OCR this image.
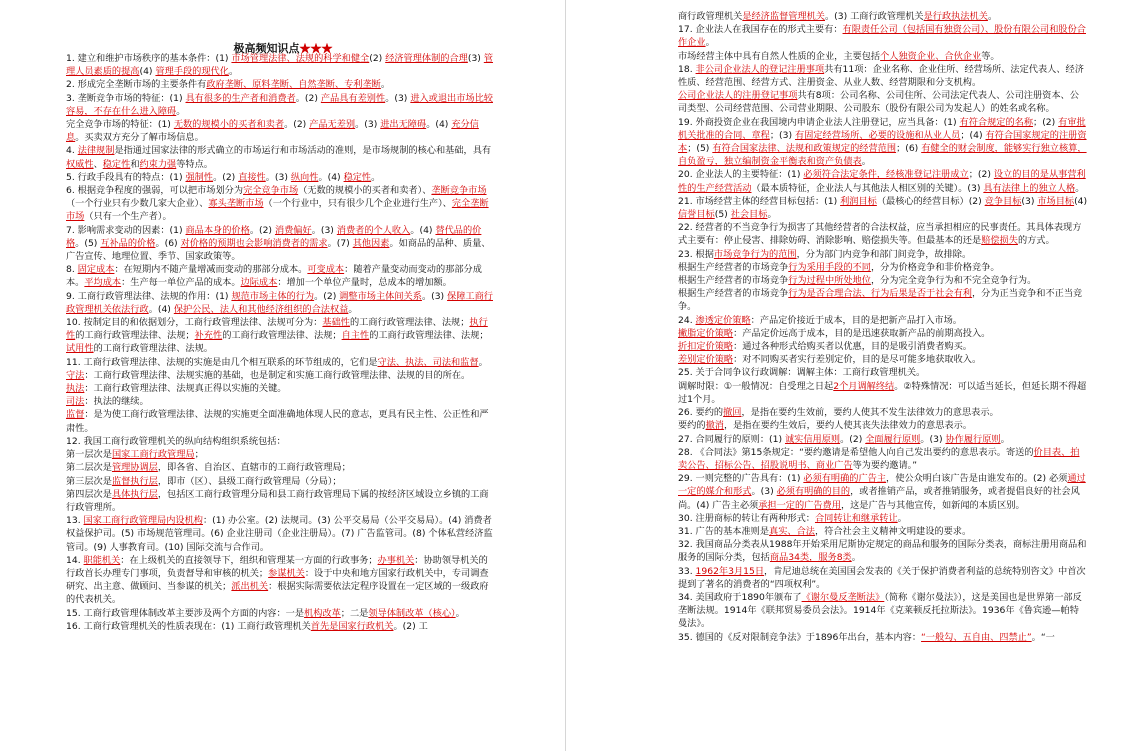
极高频知识点★★★
1. 建立和维护市场秩序的基本条件：(1) 市场管理法律、法规的科学和健全(2) 经济管理体制的合理(3) 管理人员素质的提高(4) 管理手段的现代化。
2. 形成完全垄断市场的主要条件有政府垄断、原料垄断、自然垄断、专利垄断。
3. 垄断竞争市场的特征：(1) 具有很多的生产者和消费者。(2) 产品具有差别性。(3) 进入或退出市场比较容易，不存在什么进入障碍。
完全竞争市场的特征：(1) 无数的规模小的买者和卖者。(2) 产品无差别。(3) 进出无障碍。(4) 充分信息。买卖双方充分了解市场信息。
4. 法律规制是指通过国家法律的形式确立的市场运行和市场活动的准则，是市场规制的核心和基础，具有权威性、稳定性和约束力强等特点。
5. 行政手段具有的特点：(1) 强制性。(2) 直接性。(3) 纵向性。(4) 稳定性。
6. 根据竞争程度的强弱，可以把市场划分为完全竞争市场（无数的规模小的买者和卖者）、垄断竞争市场（一个行业只有少数几家大企业）、寡头垄断市场（一个行业中，只有很少几个企业进行生产）、完全垄断市场（只有一个生产者）。
7. 影响需求变动的因素：(1) 商品本身的价格。(2) 消费偏好。(3) 消费者的个人收入。(4) 替代品的价格。(5) 互补品的价格。(6) 对价格的预期也会影响消费者的需求。(7) 其他因素。如商品的品种、质量、广告宣传、地理位置、季节、国家政策等。
8. 固定成本：在短期内不随产量增减而变动的那部分成本。可变成本：随着产量变动而变动的那部分成本。平均成本：生产每一单位产品的成本。边际成本：增加一个单位产量时，总成本的增加额。
9. 工商行政管理法律、法规的作用：(1) 规范市场主体的行为。(2) 调整市场主体间关系。(3) 保障工商行政管理机关依法行政。(4) 保护公民、法人和其他经济组织的合法权益。
10. 按制定目的和依据划分，工商行政管理法律、法规可分为：基础性的工商行政管理法律、法规；执行性的工商行政管理法律、法规；补充性的工商行政管理法律、法规；自主性的工商行政管理法律、法规；试用性的工商行政管理法律、法规。
11. 工商行政管理法律、法规的实施是由几个相互联系的环节组成的，它们是守法、执法、司法和监督。
守法：工商行政管理法律、法规实施的基础，也是制定和实施工商行政管理法律、法规的目的所在。
执法：工商行政管理法律、法规真正得以实施的关键。
司法：执法的继续。
监督：是为使工商行政管理法律、法规的实施更全面准确地体现人民的意志，更具有民主性、公正性和严肃性。
12. 我国工商行政管理机关的纵向结构组织系统包括：
第一层次是国家工商行政管理局；
第二层次是管理协调层，即各省、自治区、直辖市的工商行政管理局；
第三层次是监督执行层，即市（区）、县级工商行政管理局（分局）；
第四层次是具体执行层，包括区工商行政管理分局和县工商行政管理局下属的按经济区域设立乡镇的工商行政管理所。
13. 国家工商行政管理局内设机构：(1) 办公室。(2) 法规司。(3) 公平交易局（公平交易局）。(4) 消费者权益保护司。(5) 市场规范管理司。(6) 企业注册司（企业注册局）。(7) 广告监管司。(8) 个体私营经济监管司。(9) 人事教育司。(10) 国际交流与合作司。
14. 职能机关：在上级机关的直接领导下，组织和管理某一方面的行政事务；办事机关：协助领导机关的行政首长办理专门事项，负责督导和审核的机关；参谋机关：设于中央和地方国家行政机关中，专司调查研究、出主意、做顾问、当参谋的机关；派出机关：根据实际需要依法定程序设置在一定区域的一级政府的代表机关。
15. 工商行政管理体制改革主要涉及两个方面的内容：一是机构改革；二是领导体制改革（核心）。
16. 工商行政管理机关的性质表现在：(1) 工商行政管理机关首先是国家行政机关。(2) 工
商行政管理机关是经济监督管理机关。(3) 工商行政管理机关是行政执法机关。
17. 企业法人在我国存在的形式主要有：有限责任公司（包括国有独资公司）、股份有限公司和股份合作企业。
市场经营主体中具有自然人性质的企业，主要包括个人独资企业、合伙企业等。
18. 非公司企业法人的登记注册事项共有11项：企业名称、企业住所、经营场所、法定代表人、经济性质、经营范围、经营方式、注册资金、从业人数、经营期限和分支机构。
公司企业法人的注册登记事项共有8项：公司名称、公司住所、公司法定代表人、公司注册资本、公司类型、公司经营范围、公司营业期限、公司股东（股份有限公司为发起人）的姓名或名称。
19. 外商投资企业在我国境内申请企业法人注册登记，应当具备：(1) 有符合规定的名称；(2) 有审批机关批准的合同、章程；(3) 有固定经营场所、必要的设施和从业人员；(4) 有符合国家规定的注册资本；(5) 有符合国家法律、法规和政策规定的经营范围；(6) 有健全的财会制度，能够实行独立核算，自负盈亏，独立编制资金平衡表和资产负债表。
20. 企业法人的主要特征：(1) 必须符合法定条件，经核准登记注册成立；(2) 设立的目的是从事营利性的生产经营活动（最本质特征，企业法人与其他法人相区别的关键）。(3) 具有法律上的独立人格。
21. 市场经营主体的经营目标包括：(1) 利润目标（最核心的经营目标）(2) 竞争目标(3) 市场目标(4) 信誉目标(5) 社会目标。
22. 经营者的不当竞争行为损害了其他经营者的合法权益，应当承担相应的民事责任。其具体表现方式主要有：停止侵害、排除妨碍、消除影响、赔偿损失等。但最基本的还是赔偿损失的方式。
23. 根据市场竞争行为的范围，分为部门内竞争和部门间竞争，故排除。
根据生产经营者的市场竞争行为采用手段的不同，分为价格竞争和非价格竞争。
根据生产经营者的市场竞争行为过程中所处地位，分为完全竞争行为和不完全竞争行为。
根据生产经营者的市场竞争行为是否合理合法、行为后果是否于社会有利，分为正当竞争和不正当竞争。
24. 渗透定价策略：产品定价接近于成本，目的是把新产品打入市场。
撇脂定价策略：产品定价远高于成本，目的是迅速获取新产品的前期高投入。
折扣定价策略：通过各种形式给购买者以优惠，目的是吸引消费者购买。
差别定价策略：对不同购买者实行差别定价，目的是尽可能多地获取收入。
25. 关于合同争议行政调解：调解主体：工商行政管理机关。
调解时限：①一般情况：自受理之日起2个月调解终结。②特殊情况：可以适当延长，但延长期不得超过1个月。
26. 要约的撤回，是指在要约生效前，要约人使其不发生法律效力的意思表示。
要约的撤消，是指在要约生效后，要约人使其丧失法律效力的意思表示。
27. 合同履行的原则：(1) 诚实信用原则。(2) 全面履行原则。(3) 协作履行原则。
28. 《合同法》第15条规定：“要约邀请是希望他人向自己发出要约的意思表示。寄送的价目表、拍卖公告、招标公告、招股说明书、商业广告等为要约邀请。”
29. 一则完整的广告具有：(1) 必须有明确的广告主，使公众明白该广告是由谁发布的。(2) 必须通过一定的媒介和形式。(3) 必须有明确的目的，或者推销产品，或者推销服务，或者提倡良好的社会风尚。(4) 广告主必须承担一定的广告费用，这是广告与其他宣传，如新闻的本质区别。
30. 注册商标的转让有两种形式：合同转让和继承转让。
31. 广告的基本准则是真实、合法，符合社会主义精神文明建设的要求。
32. 我国商品分类表从1988年开始采用尼斯协定规定的商品和服务的国际分类表，商标注册用商品和服务的国际分类，包括商品34类，服务8类。
33. 1962年3月15日，肯尼迪总统在美国国会发表的《关于保护消费者利益的总统特别咨文》中首次提到了著名的消费者的“四项权利”。
34. 美国政府于1890年颁布了《谢尔曼反垄断法》（简称《谢尔曼法》），这是美国也是世界第一部反垄断法规。1914年《联邦贸易委员会法》。1914年《克莱顿反托拉斯法》。1936年《鲁宾逊—帕特曼法》。
35. 德国的《反对限制竞争法》于1896年出台，基本内容：“一般勾、五自由、四禁止”。“一
